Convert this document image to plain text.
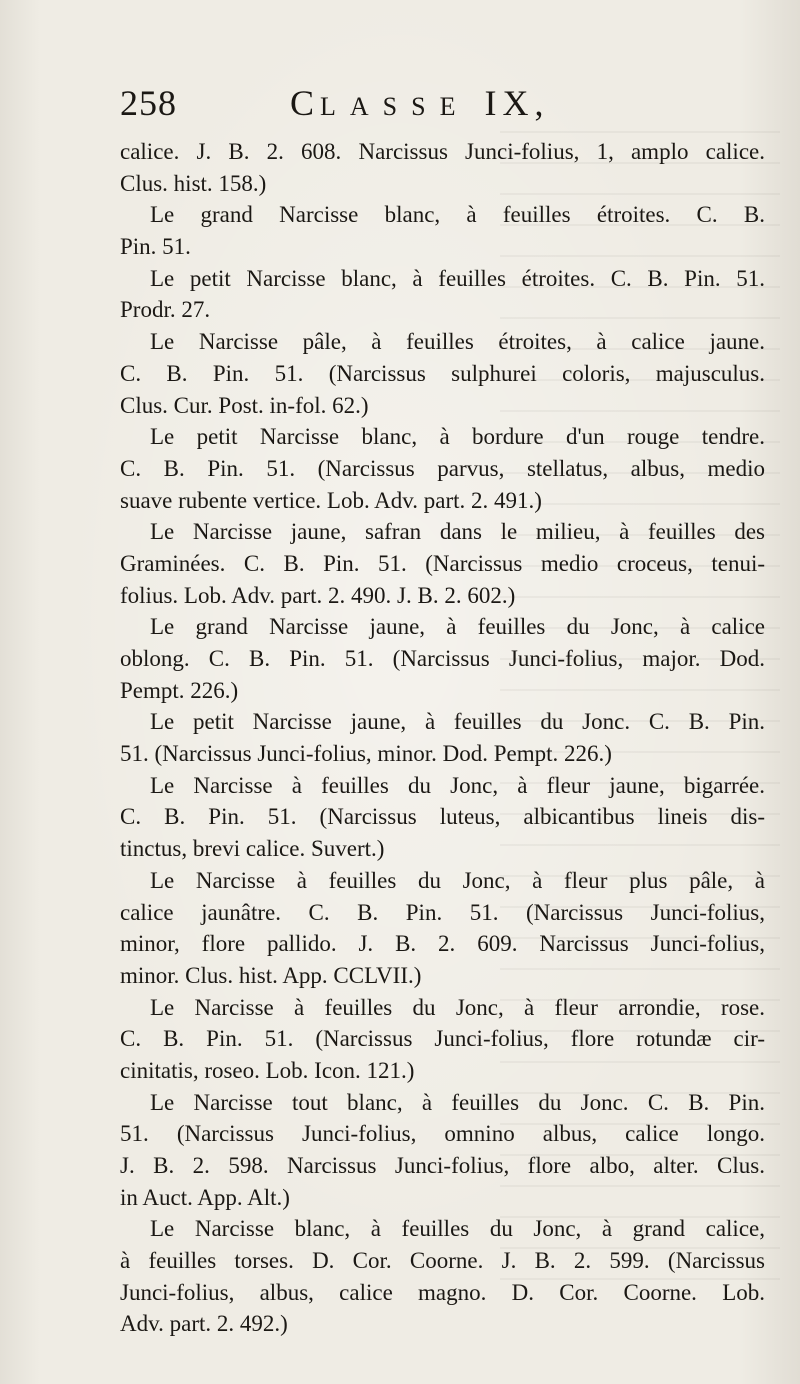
258	CLASSE IX,
calice. J. B. 2. 608. Narcissus Junci-folius, 1, amplo calice.
Clus. hist. 158.)
Le grand Narcisse blanc, à feuilles étroites. C. B.
Pin. 51.
Le petit Narcisse blanc, à feuilles étroites. C. B. Pin. 51.
Prodr. 27.
Le Narcisse pâle, à feuilles étroites, à calice jaune.
C. B. Pin. 51. (Narcissus sulphurei coloris, majusculus.
Clus. Cur. Post. in-fol. 62.)
Le petit Narcisse blanc, à bordure d'un rouge tendre.
C. B. Pin. 51. (Narcissus parvus, stellatus, albus, medio
suave rubente vertice. Lob. Adv. part. 2. 491.)
Le Narcisse jaune, safran dans le milieu, à feuilles des
Graminées. C. B. Pin. 51. (Narcissus medio croceus, tenui-
folius. Lob. Adv. part. 2. 490. J. B. 2. 602.)
Le grand Narcisse jaune, à feuilles du Jonc, à calice
oblong. C. B. Pin. 51. (Narcissus Junci-folius, major. Dod.
Pempt. 226.)
Le petit Narcisse jaune, à feuilles du Jonc. C. B. Pin.
51. (Narcissus Junci-folius, minor. Dod. Pempt. 226.)
Le Narcisse à feuilles du Jonc, à fleur jaune, bigarrée.
C. B. Pin. 51. (Narcissus luteus, albicantibus lineis dis-
tinctus, brevi calice. Suvert.)
Le Narcisse à feuilles du Jonc, à fleur plus pâle, à
calice jaunâtre. C. B. Pin. 51. (Narcissus Junci-folius,
minor, flore pallido. J. B. 2. 609. Narcissus Junci-folius,
minor. Clus. hist. App. CCLVII.)
Le Narcisse à feuilles du Jonc, à fleur arrondie, rose.
C. B. Pin. 51. (Narcissus Junci-folius, flore rotundæ cir-
cinitatis, roseo. Lob. Icon. 121.)
Le Narcisse tout blanc, à feuilles du Jonc. C. B. Pin.
51. (Narcissus Junci-folius, omnino albus, calice longo.
J. B. 2. 598. Narcissus Junci-folius, flore albo, alter. Clus.
in Auct. App. Alt.)
Le Narcisse blanc, à feuilles du Jonc, à grand calice,
à feuilles torses. D. Cor. Coorne. J. B. 2. 599. (Narcissus
Junci-folius, albus, calice magno. D. Cor. Coorne. Lob.
Adv. part. 2. 492.)
